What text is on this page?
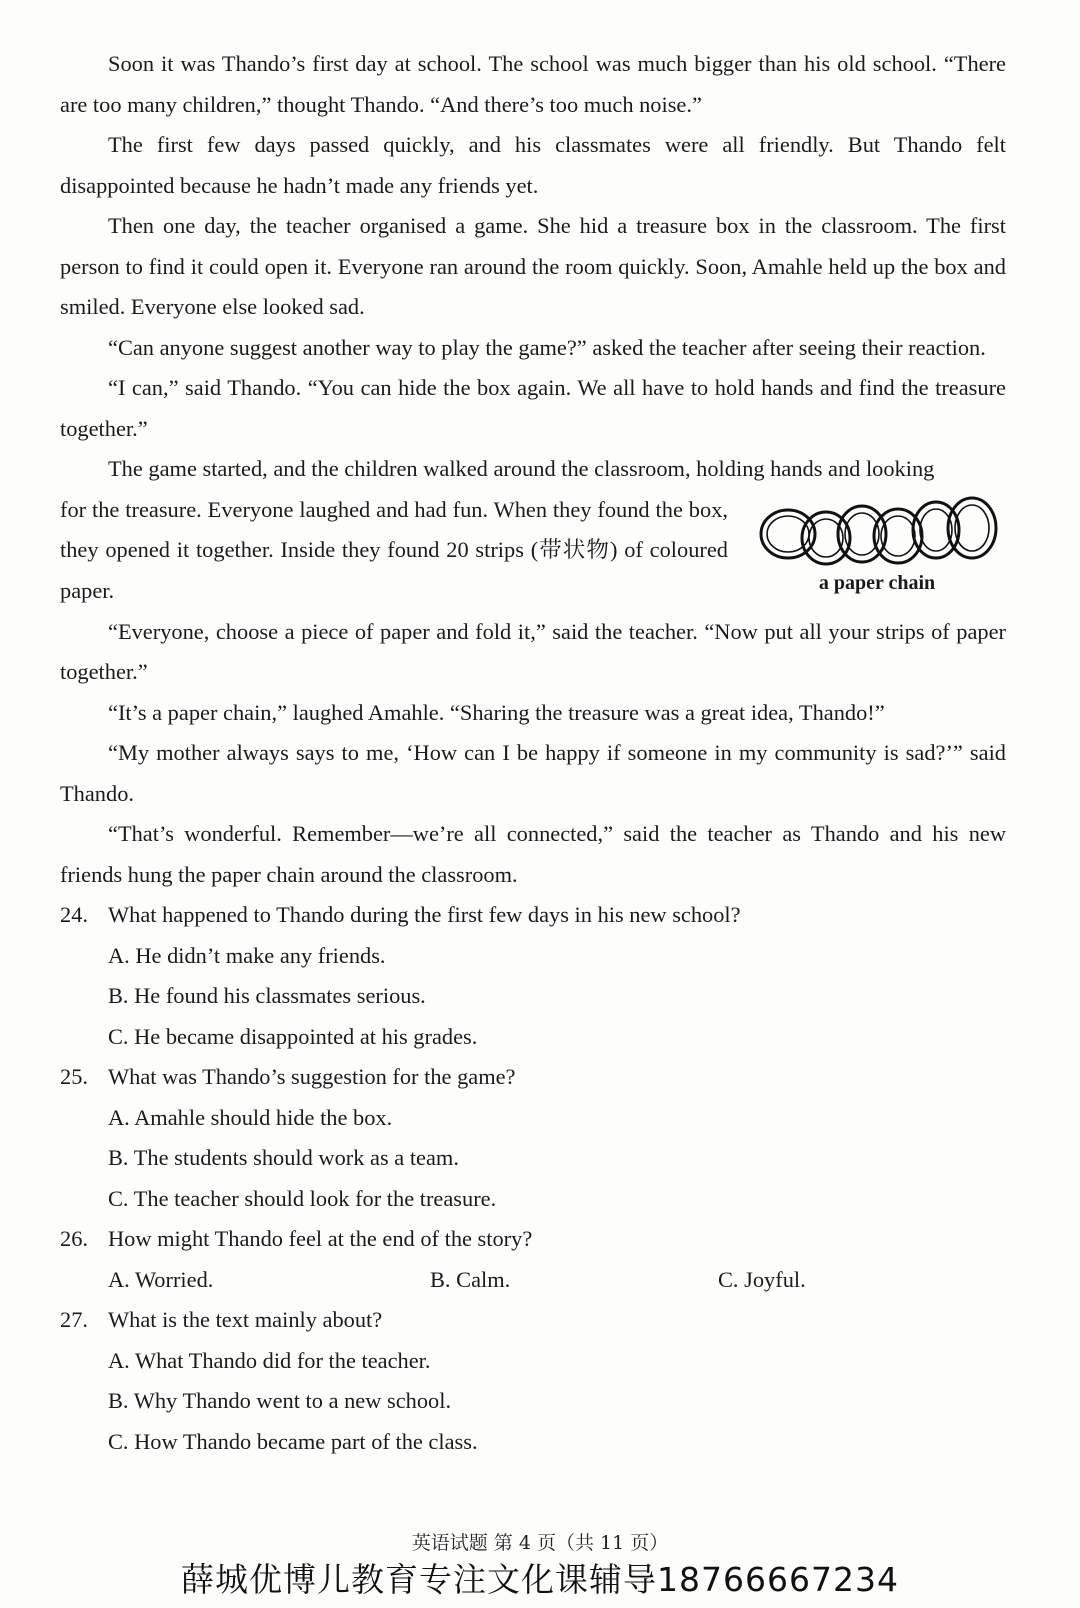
Soon it was Thando’s first day at school. The school was much bigger than his old school. “There are too many children,” thought Thando. “And there’s too much noise.”

The first few days passed quickly, and his classmates were all friendly. But Thando felt disappointed because he hadn’t made any friends yet.

Then one day, the teacher organised a game. She hid a treasure box in the classroom. The first person to find it could open it. Everyone ran around the room quickly. Soon, Amahle held up the box and smiled. Everyone else looked sad.

“Can anyone suggest another way to play the game?” asked the teacher after seeing their reaction.

“I can,” said Thando. “You can hide the box again. We all have to hold hands and find the treasure together.”

The game started, and the children walked around the classroom, holding hands and looking

a paper chain

for the treasure. Everyone laughed and had fun. When they found the box, they opened it together. Inside they found 20 strips (带状物) of coloured paper.

“Everyone, choose a piece of paper and fold it,” said the teacher. “Now put all your strips of paper together.”

“It’s a paper chain,” laughed Amahle. “Sharing the treasure was a great idea, Thando!”

“My mother always says to me, ‘How can I be happy if someone in my community is sad?’” said Thando.

“That’s wonderful. Remember—we’re all connected,” said the teacher as Thando and his new friends hung the paper chain around the classroom.

24. What happened to Thando during the first few days in his new school?

A. He didn’t make any friends.

B. He found his classmates serious.

C. He became disappointed at his grades.

25. What was Thando’s suggestion for the game?

A. Amahle should hide the box.

B. The students should work as a team.

C. The teacher should look for the treasure.

26. How might Thando feel at the end of the story?
A. Worried.	B. Calm.	C. Joyful.
27. What is the text mainly about?

A. What Thando did for the teacher.

B. Why Thando went to a new school.

C. How Thando became part of the class.

英语试题 第 4 页（共 11 页）
薛城优博儿教育专注文化课辅导18766667234
